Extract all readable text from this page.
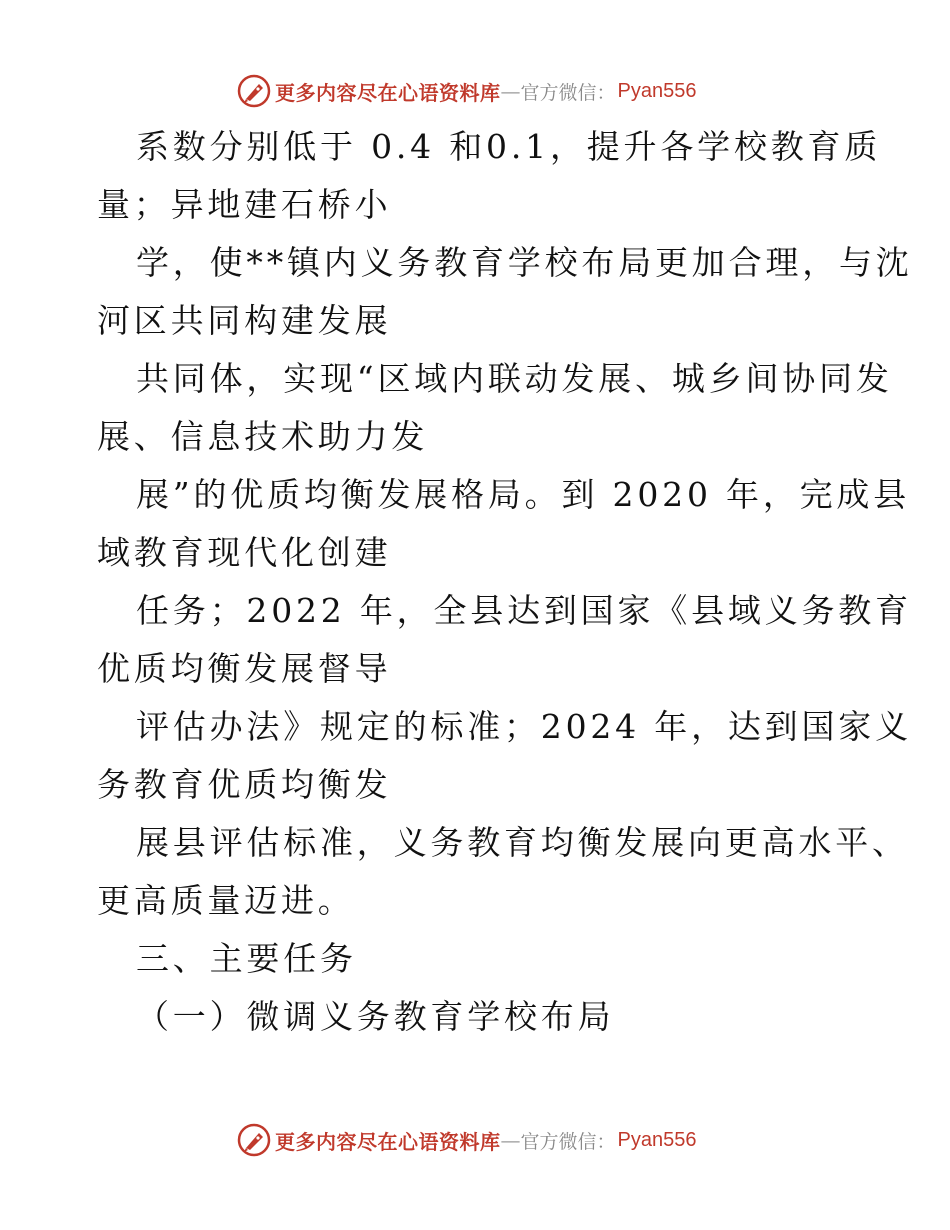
更多内容尽在心语资料库 — 官方微信： Pyan556
系数分别低于 0.4 和0.1，提升各学校教育质
量；异地建石桥小
学，使**镇内义务教育学校布局更加合理，与沈
河区共同构建发展
共同体，实现“区域内联动发展、城乡间协同发
展、信息技术助力发
展”的优质均衡发展格局。到 2020 年，完成县
域教育现代化创建
任务；2022 年，全县达到国家《县域义务教育
优质均衡发展督导
评估办法》规定的标准；2024 年，达到国家义
务教育优质均衡发
展县评估标准，义务教育均衡发展向更高水平、
更高质量迈进。
三、主要任务
（一）微调义务教育学校布局
更多内容尽在心语资料库 — 官方微信： Pyan556
